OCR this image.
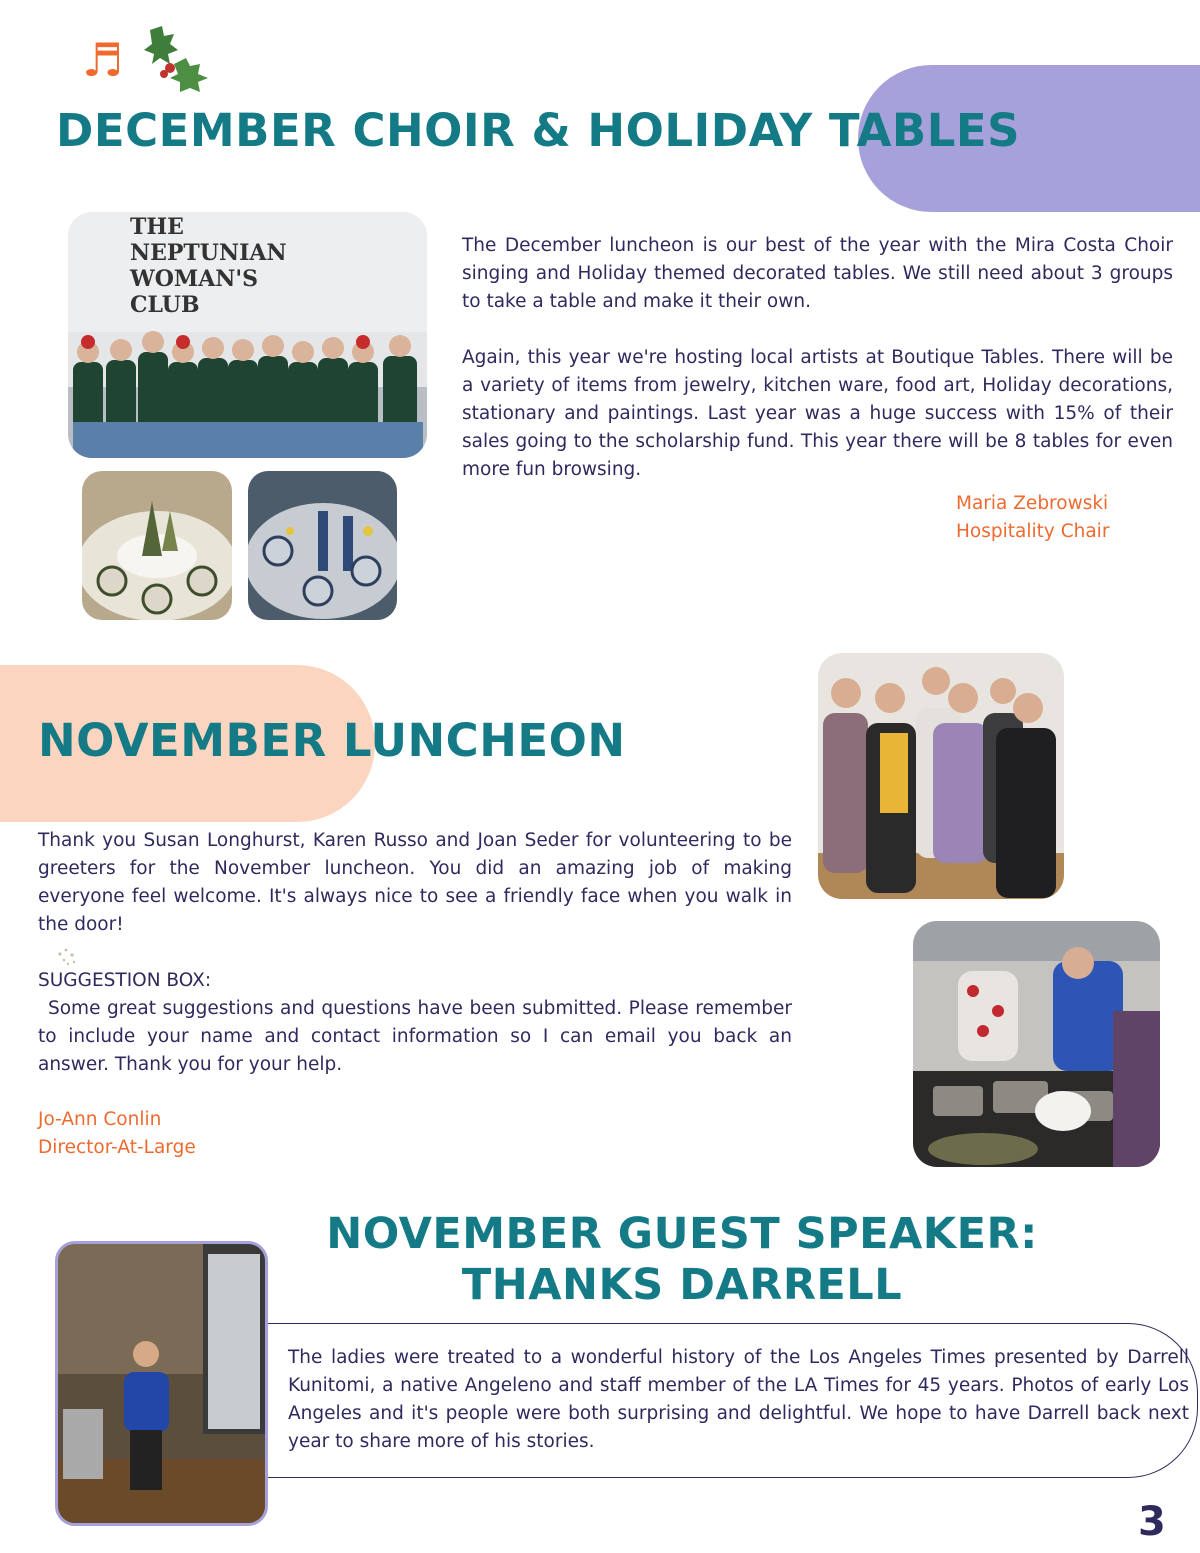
♬
DECEMBER CHOIR & HOLIDAY TABLES
THE
NEPTUNIAN
WOMAN'S
CLUB

The December luncheon is our best of the year with the Mira Costa Choir singing and Holiday themed decorated tables. We still need about 3 groups to take a table and make it their own.

Again, this year we're hosting local artists at Boutique Tables. There will be a variety of items from jewelry, kitchen ware, food art, Holiday decorations, stationary and paintings. Last year was a huge success with 15% of their sales going to the scholarship fund. This year there will be 8 tables for even more fun browsing.

Maria Zebrowski

Hospitality Chair

NOVEMBER LUNCHEON

Thank you Susan Longhurst, Karen Russo and Joan Seder for volunteering to be greeters for the November luncheon. You did an amazing job of making everyone feel welcome. It's always nice to see a friendly face when you walk in the door!

SUGGESTION BOX:

Some great suggestions and questions have been submitted. Please remember to include your name and contact information so I can email you back an answer. Thank you for your help.

Jo-Ann Conlin

Director-At-Large

NOVEMBER GUEST SPEAKER:
THANKS DARRELL

The ladies were treated to a wonderful history of the Los Angeles Times presented by Darrell Kunitomi, a native Angeleno and staff member of the LA Times for 45 years. Photos of early Los Angeles and it's people were both surprising and delightful. We hope to have Darrell back next year to share more of his stories.

3
